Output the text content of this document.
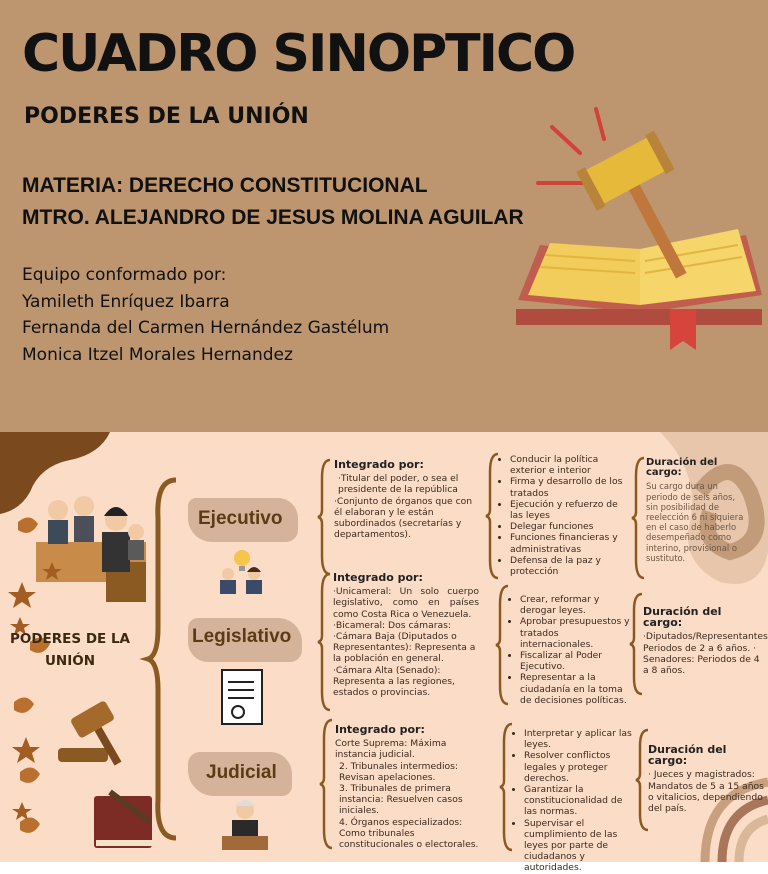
CUADRO SINOPTICO
PODERES DE LA UNIÓN
MATERIA: DERECHO CONSTITUCIONAL
MTRO. ALEJANDRO DE JESUS MOLINA AGUILAR
Equipo conformado por:
Yamileth Enríquez Ibarra
Fernanda del Carmen Hernández Gastélum
Monica Itzel Morales Hernandez
PODERES DE LA UNIÓN
Ejecutivo
Legislativo
Judicial
Integrado por:
·Titular del poder, o sea el presidente de la república
·Conjunto de órganos que con él elaboran y le están subordinados (secretarías y departamentos).
• Conducir la política exterior e interior
• Firma y desarrollo de los tratados
• Ejecución y refuerzo de las leyes
• Delegar funciones
• Funciones financieras y administrativas
• Defensa de la paz y protección
Duración del cargo:
Su cargo dura un periodo de seis años, sin posibilidad de reelección 6 ni siquiera en el caso de haberlo desempeñado como interino, provisional o sustituto.
Integrado por:
·Unicameral: Un solo cuerpo legislativo, como en países como Costa Rica o Venezuela.
·Bicameral: Dos cámaras:
·Cámara Baja (Diputados o Representantes): Representa a la población en general.
·Cámara Alta (Senado): Representa a las regiones, estados o provincias.
• Crear, reformar y derogar leyes.
• Aprobar presupuestos y tratados internacionales.
• Fiscalizar al Poder Ejecutivo.
• Representar a la ciudadanía en la toma de decisiones políticas.
Duración del cargo:
·Diputados/Representantes Periodos de 2 a 6 años. · Senadores: Periodos de 4 a 8 años.
Integrado por:
Corte Suprema: Máxima instancia judicial.
2. Tribunales intermedios: Revisan apelaciones.
3. Tribunales de primera instancia: Resuelven casos iniciales.
4. Órganos especializados: Como tribunales constitucionales o electorales.
• Interpretar y aplicar las leyes.
• Resolver conflictos legales y proteger derechos.
• Garantizar la constitucionalidad de las normas.
• Supervisar el cumplimiento de las leyes por parte de ciudadanos y autoridades.
Duración del cargo:
· Jueces y magistrados: Mandatos de 5 a 15 años o vitalicios, dependiendo del país.
